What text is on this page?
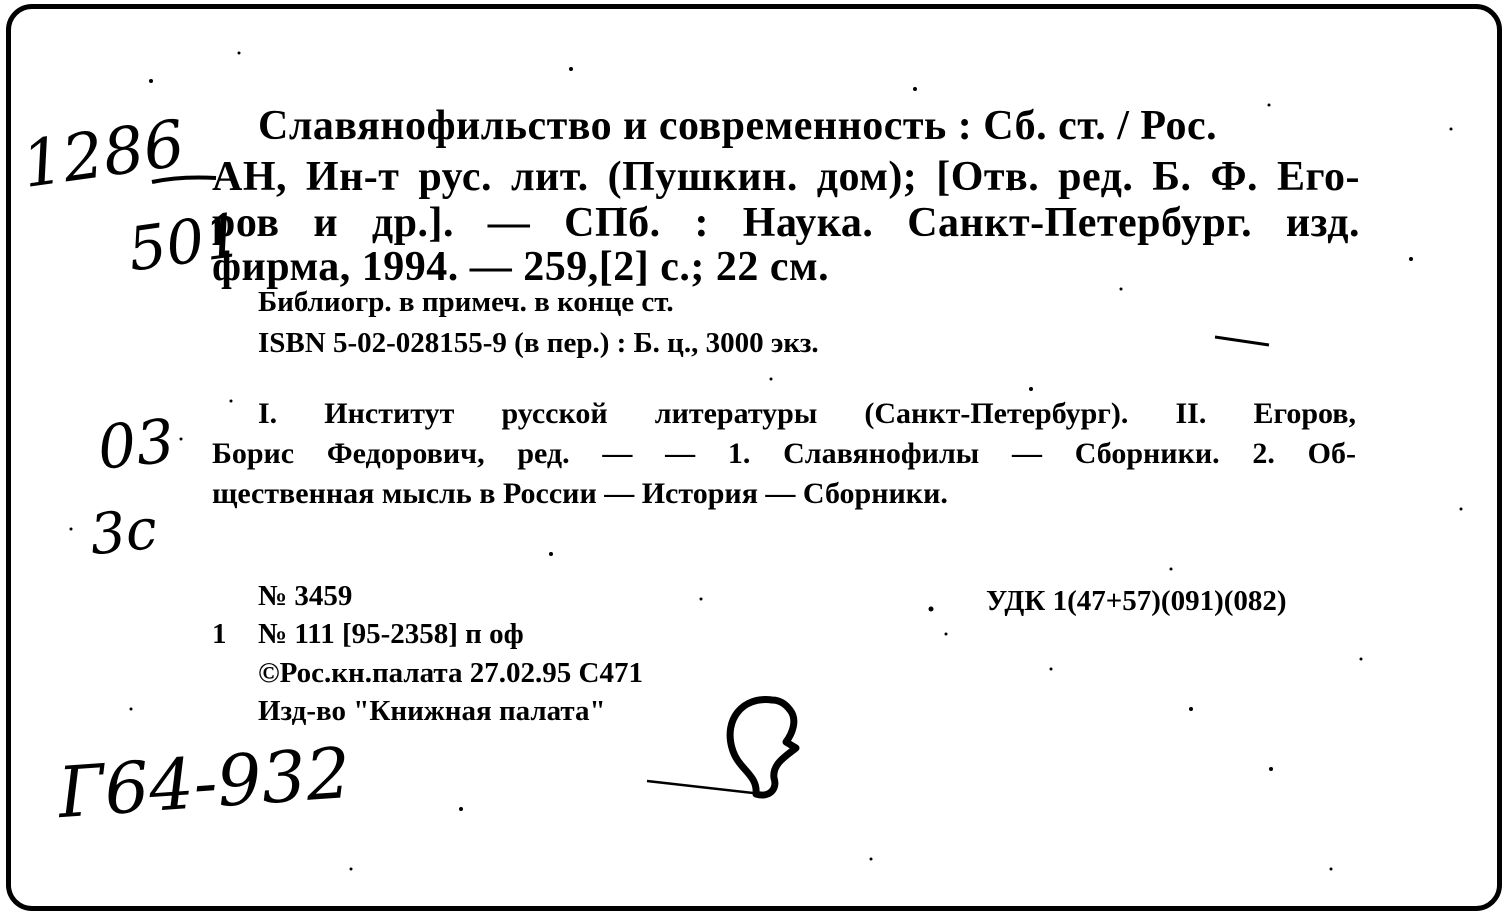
Славянофильство и современность : Сб. ст. / Рос.
АН, Ин-т рус. лит. (Пушкин. дом); [Отв. ред. Б. Ф. Его-
ров и др.]. — СПб. : Наука. Санкт-Петербург. изд.
фирма, 1994. — 259,[2] с.; 22 см.
Библиогр. в примеч. в конце ст.
ISBN 5-02-028155-9 (в пер.) : Б. ц., 3000 экз.
I. Институт русской литературы (Санкт-Петербург). II. Егоров,
Борис Федорович, ред. — — 1. Славянофилы — Сборники. 2. Об-
щественная мысль в России — История — Сборники.
№ 3459
1 № 111 [95-2358] п оф
©Рос.кн.палата 27.02.95 С471
Изд-во "Книжная палата"
УДК 1(47+57)(091)(082)
1286
501
03
3c
Г64-932
